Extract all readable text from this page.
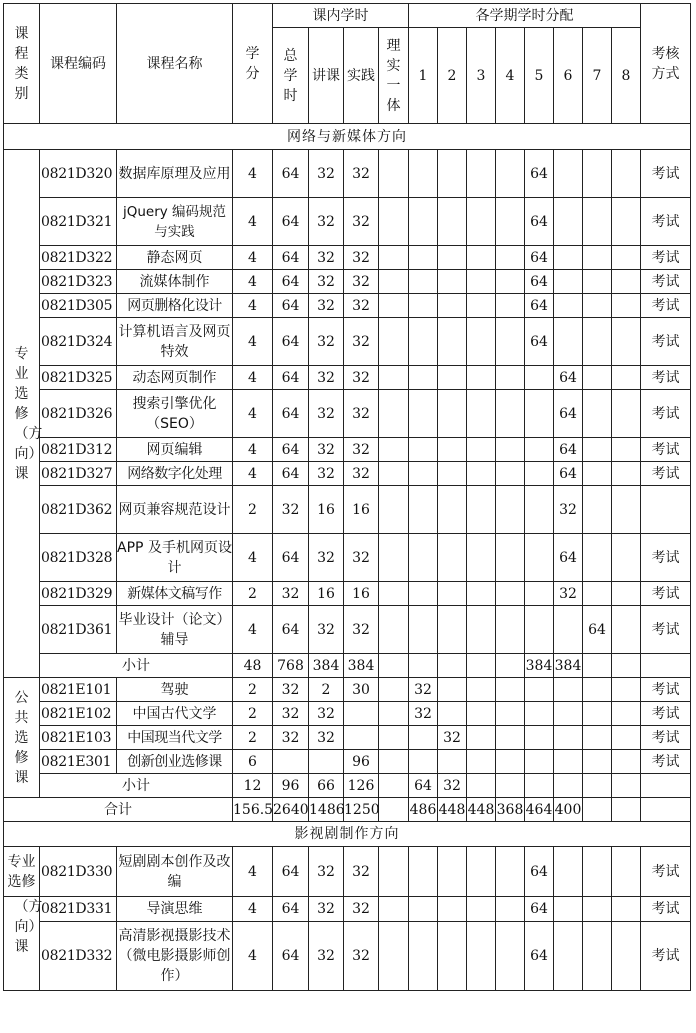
课程类别	课程编码	课程名称	学分	课内学时				各学期学时分配								考核方式

				总学时	讲课	实践	理实一体	1	2	3	4	5	6	7	8	
网络与新媒体方向																

专业选修（方向）课	0821D320	数据库原理及应用	4	64	32	32						64				考试
	0821D321	jQuery 编码规范与实践	4	64	32	32						64				考试
	0821D322	静态网页	4	64	32	32						64				考试
	0821D323	流媒体制作	4	64	32	32						64				考试
	0821D305	网页删格化设计	4	64	32	32						64				考试
	0821D324	计算机语言及网页特效	4	64	32	32						64				考试
	0821D325	动态网页制作	4	64	32	32							64			考试
	0821D326	搜索引擎优化（SEO）	4	64	32	32							64			考试
	0821D312	网页编辑	4	64	32	32							64			考试
	0821D327	网络数字化处理	4	64	32	32							64			考试
	0821D362	网页兼容规范设计	2	32	16	16							32			
	0821D328	APP 及手机网页设计	4	64	32	32							64			考试
	0821D329	新媒体文稿写作	2	32	16	16							32			考试
	0821D361	毕业设计（论文）辅导	4	64	32	32								64		考试
	小计		48	768	384	384						384	384			

公共选修课	0821E101	驾驶	2	32	2	30		32								考试
	0821E102	中国古代文学	2	32	32			32								考试
	0821E103	中国现当代文学	2	32	32				32							考试
	0821E301	创新创业选修课	6			96										考试
	小计		12	96	66	126		64	32							
合计			156.5	2640	1486	1250		486	448	448	368	464	400			
影视剧制作方向																

专业选修	0821D330	短剧剧本创作及改编	4	64	32	32						64				考试

（方向）课	0821D331	导演思维	4	64	32	32						64				考试
	0821D332	高清影视摄影技术（微电影摄影师创作）	4	64	32	32						64				考试
